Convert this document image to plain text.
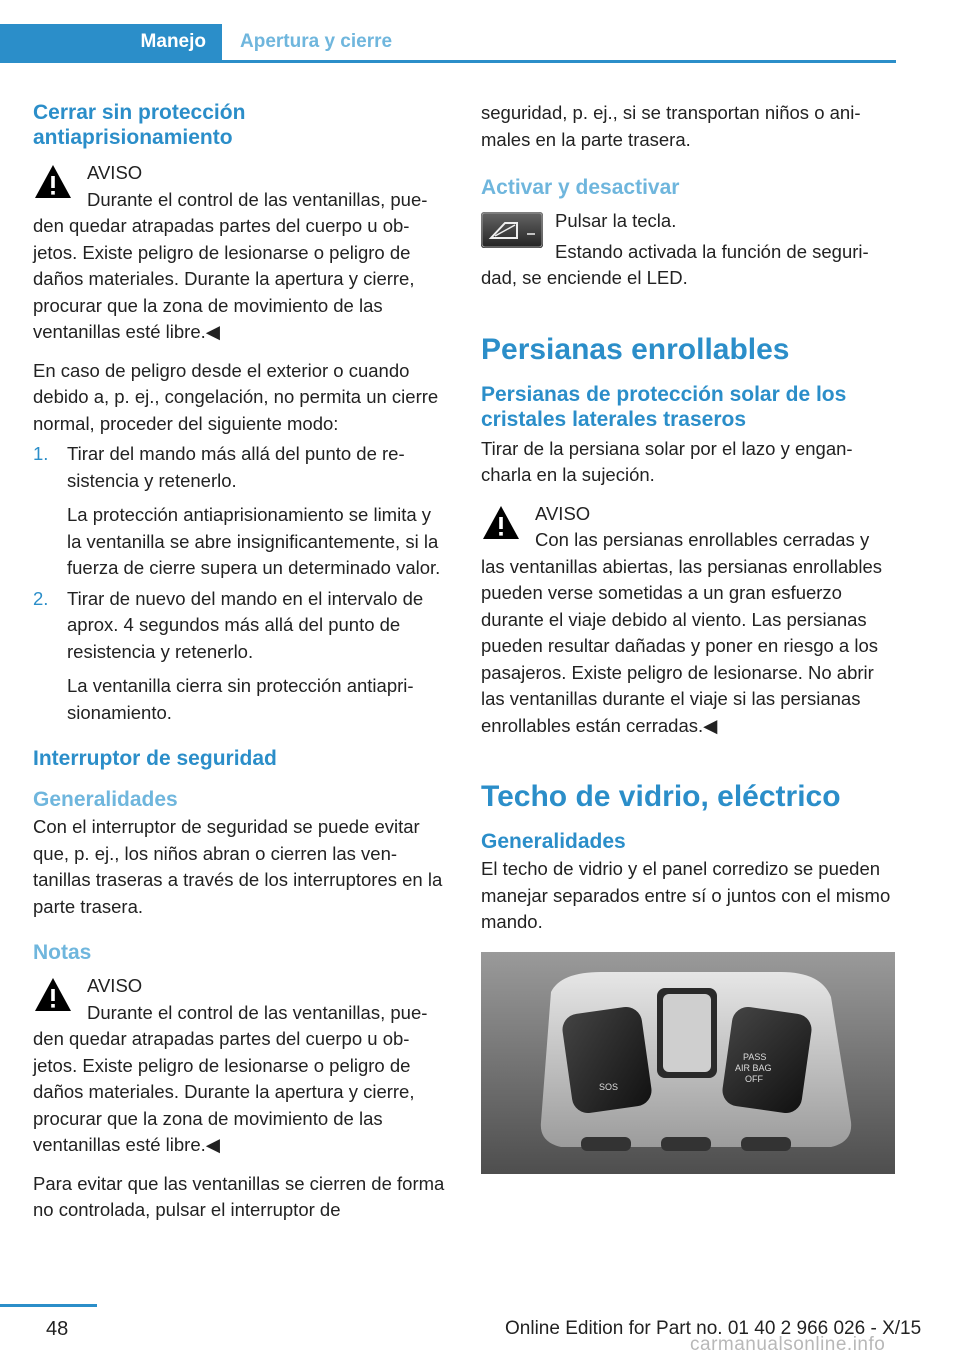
Manejo	Apertura y cierre
Cerrar sin protección antiaprisionamiento

AVISO

Durante el control de las ventanillas, pueden quedar atrapadas partes del cuerpo u objetos. Existe peligro de lesionarse o peligro de daños materiales. Durante la apertura y cierre, procurar que la zona de movimiento de las ventanillas esté libre.◀

En caso de peligro desde el exterior o cuando debido a, p. ej., congelación, no permita un cierre normal, proceder del siguiente modo:

1. Tirar del mando más allá del punto de resistencia y retenerlo.

La protección antiaprisionamiento se limita y la ventanilla se abre insignificantemente, si la fuerza de cierre supera un determinado valor.

2. Tirar de nuevo del mando en el intervalo de aprox. 4 segundos más allá del punto de resistencia y retenerlo.

La ventanilla cierra sin protección antiaprisionamiento.

Interruptor de seguridad
Generalidades

Con el interruptor de seguridad se puede evitar que, p. ej., los niños abran o cierren las ventanillas traseras a través de los interruptores en la parte trasera.

Notas

AVISO

Durante el control de las ventanillas, pueden quedar atrapadas partes del cuerpo u objetos. Existe peligro de lesionarse o peligro de daños materiales. Durante la apertura y cierre, procurar que la zona de movimiento de las ventanillas esté libre.◀

Para evitar que las ventanillas se cierren de forma no controlada, pulsar el interruptor de

seguridad, p. ej., si se transportan niños o animales en la parte trasera.

Activar y desactivar

Pulsar la tecla.

Estando activada la función de seguridad, se enciende el LED.

Persianas enrollables
Persianas de protección solar de los cristales laterales traseros

Tirar de la persiana solar por el lazo y engancharla en la sujeción.

AVISO

Con las persianas enrollables cerradas y las ventanillas abiertas, las persianas enrollables pueden verse sometidas a un gran esfuerzo durante el viaje debido al viento. Las persianas pueden resultar dañadas y poner en riesgo a los pasajeros. Existe peligro de lesionarse. No abrir las ventanillas durante el viaje si las persianas enrollables están cerradas.◀

Techo de vidrio, eléctrico
Generalidades

El techo de vidrio y el panel corredizo se pueden manejar separados entre sí o juntos con el mismo mando.

SOS
PASS
AIR BAG
OFF
48	Online Edition for Part no. 01 40 2 966 026 - X/15
carmanualsonline.info
